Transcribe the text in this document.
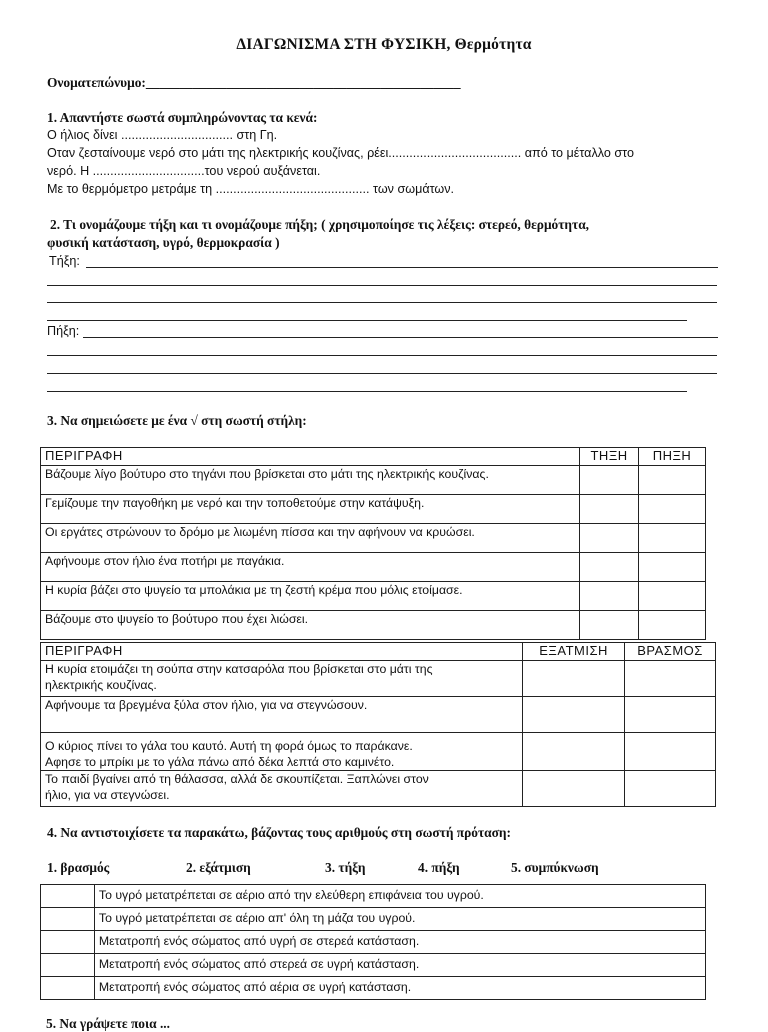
ΔΙΑΓΩΝΙΣΜΑ ΣΤΗ ΦΥΣΙΚΗ, Θερμότητα
Ονοματεπώνυμο:_______________________________________________
1. Απαντήστε σωστά συμπληρώνοντας τα κενά:
Ο ήλιος δίνει ................................ στη Γη.
Οταν ζεσταίνουμε νερό στο μάτι της ηλεκτρικής κουζίνας, ρέει...................................... από το μέταλλο στο
νερό. Η ................................του νερού αυξάνεται.
Με το θερμόμετρο μετράμε τη ............................................ των σωμάτων.
2. Τι ονομάζουμε τήξη και τι ονομάζουμε πήξη; ( χρησιμοποίησε τις λέξεις: στερεό, θερμότητα,
φυσική κατάσταση, υγρό, θερμοκρασία )
Τήξη:
Πήξη:
3. Να σημειώσετε με ένα √ στη σωστή στήλη:
ΠΕΡΙΓΡΑΦΗ	ΤΗΞΗ	ΠΗΞΗ
Βάζουμε λίγο βούτυρο στο τηγάνι που βρίσκεται στο μάτι της ηλεκτρικής κουζίνας.		
Γεμίζουμε την παγοθήκη με νερό και την τοποθετούμε στην κατάψυξη.		
Οι εργάτες στρώνουν το δρόμο με λιωμένη πίσσα και την αφήνουν να κρυώσει.		
Αφήνουμε στον ήλιο ένα ποτήρι με παγάκια.		
Η κυρία βάζει στο ψυγείο τα μπολάκια με τη ζεστή κρέμα που μόλις ετοίμασε.		
Βάζουμε στο ψυγείο το βούτυρο που έχει λιώσει.		
ΠΕΡΙΓΡΑΦΗ	ΕΞΑΤΜΙΣΗ	ΒΡΑΣΜΟΣ

Η κυρία ετοιμάζει τη σούπα στην κατσαρόλα που βρίσκεται στο μάτι της
ηλεκτρικής κουζίνας.		

Αφήνουμε τα βρεγμένα ξύλα στον ήλιο, για να στεγνώσουν.		

Ο κύριος πίνει το γάλα του καυτό. Αυτή τη φορά όμως το παράκανε.
Αφησε το μπρίκι με το γάλα πάνω από δέκα λεπτά στο καμινέτο.		

Το παιδί βγαίνει από τη θάλασσα, αλλά δε σκουπίζεται. Ξαπλώνει στον
ήλιο, για να στεγνώσει.		

4. Να αντιστοιχίσετε τα παρακάτω, βάζοντας τους αριθμούς στη σωστή πρόταση:
1. βρασμός	2. εξάτμιση	3. τήξη	4. πήξη	5. συμπύκνωση
	Το υγρό μετατρέπεται σε αέριο από την ελεύθερη επιφάνεια του υγρού.
	Το υγρό μετατρέπεται σε αέριο απ' όλη τη μάζα του υγρού.
	Μετατροπή ενός σώματος από υγρή σε στερεά κατάσταση.
	Μετατροπή ενός σώματος από στερεά σε υγρή κατάσταση.
	Μετατροπή ενός σώματος από αέρια σε υγρή κατάσταση.
5. Να γράψετε ποια ...
